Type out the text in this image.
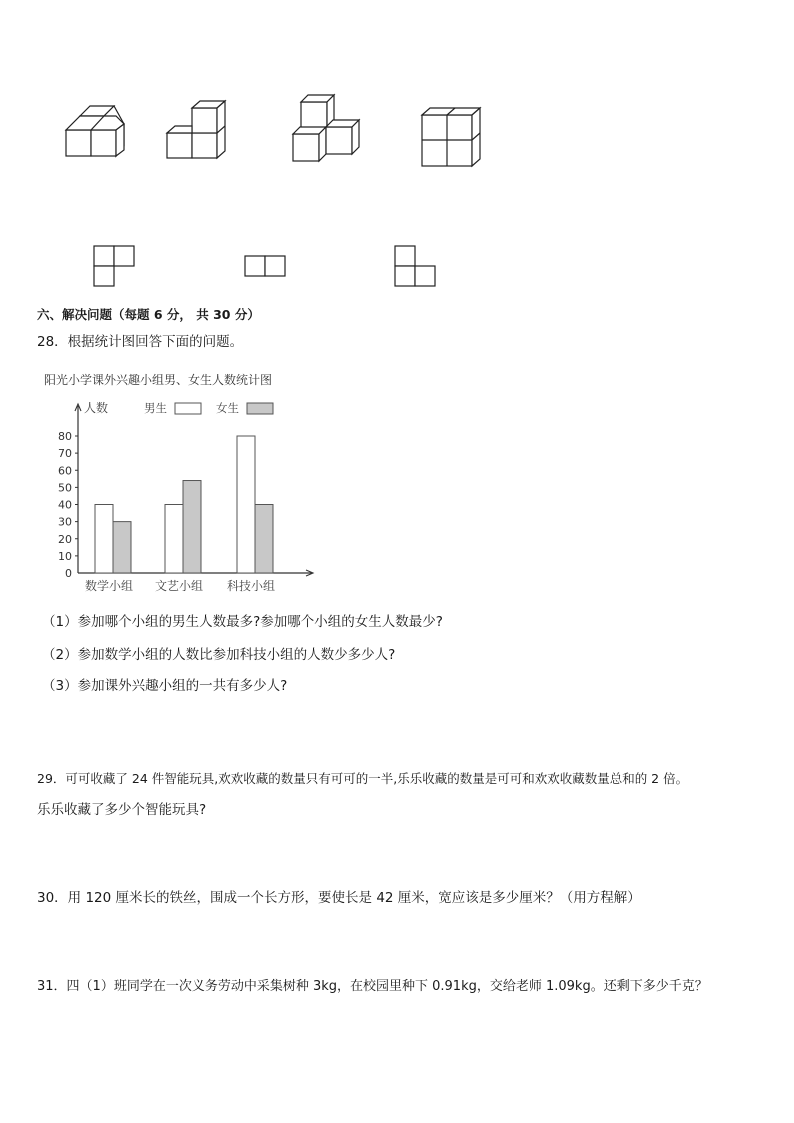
六、解决问题（每题 6 分， 共 30 分）
28．根据统计图回答下面的问题。
阳光小学课外兴趣小组男、女生人数统计图
人数
0
10
20
30
40
50
60
70
80
男生	女生
数学小组 文艺小组 科技小组
（1）参加哪个小组的男生人数最多?参加哪个小组的女生人数最少?
（2）参加数学小组的人数比参加科技小组的人数少多少人?
（3）参加课外兴趣小组的一共有多少人?
29．可可收藏了 24 件智能玩具,欢欢收藏的数量只有可可的一半,乐乐收藏的数量是可可和欢欢收藏数量总和的 2 倍。
乐乐收藏了多少个智能玩具?
30．用 120 厘米长的铁丝，围成一个长方形，要使长是 42 厘米，宽应该是多少厘米？（用方程解）
31．四（1）班同学在一次义务劳动中采集树种 3kg，在校园里种下 0.91kg，交给老师 1.09kg。还剩下多少千克？
